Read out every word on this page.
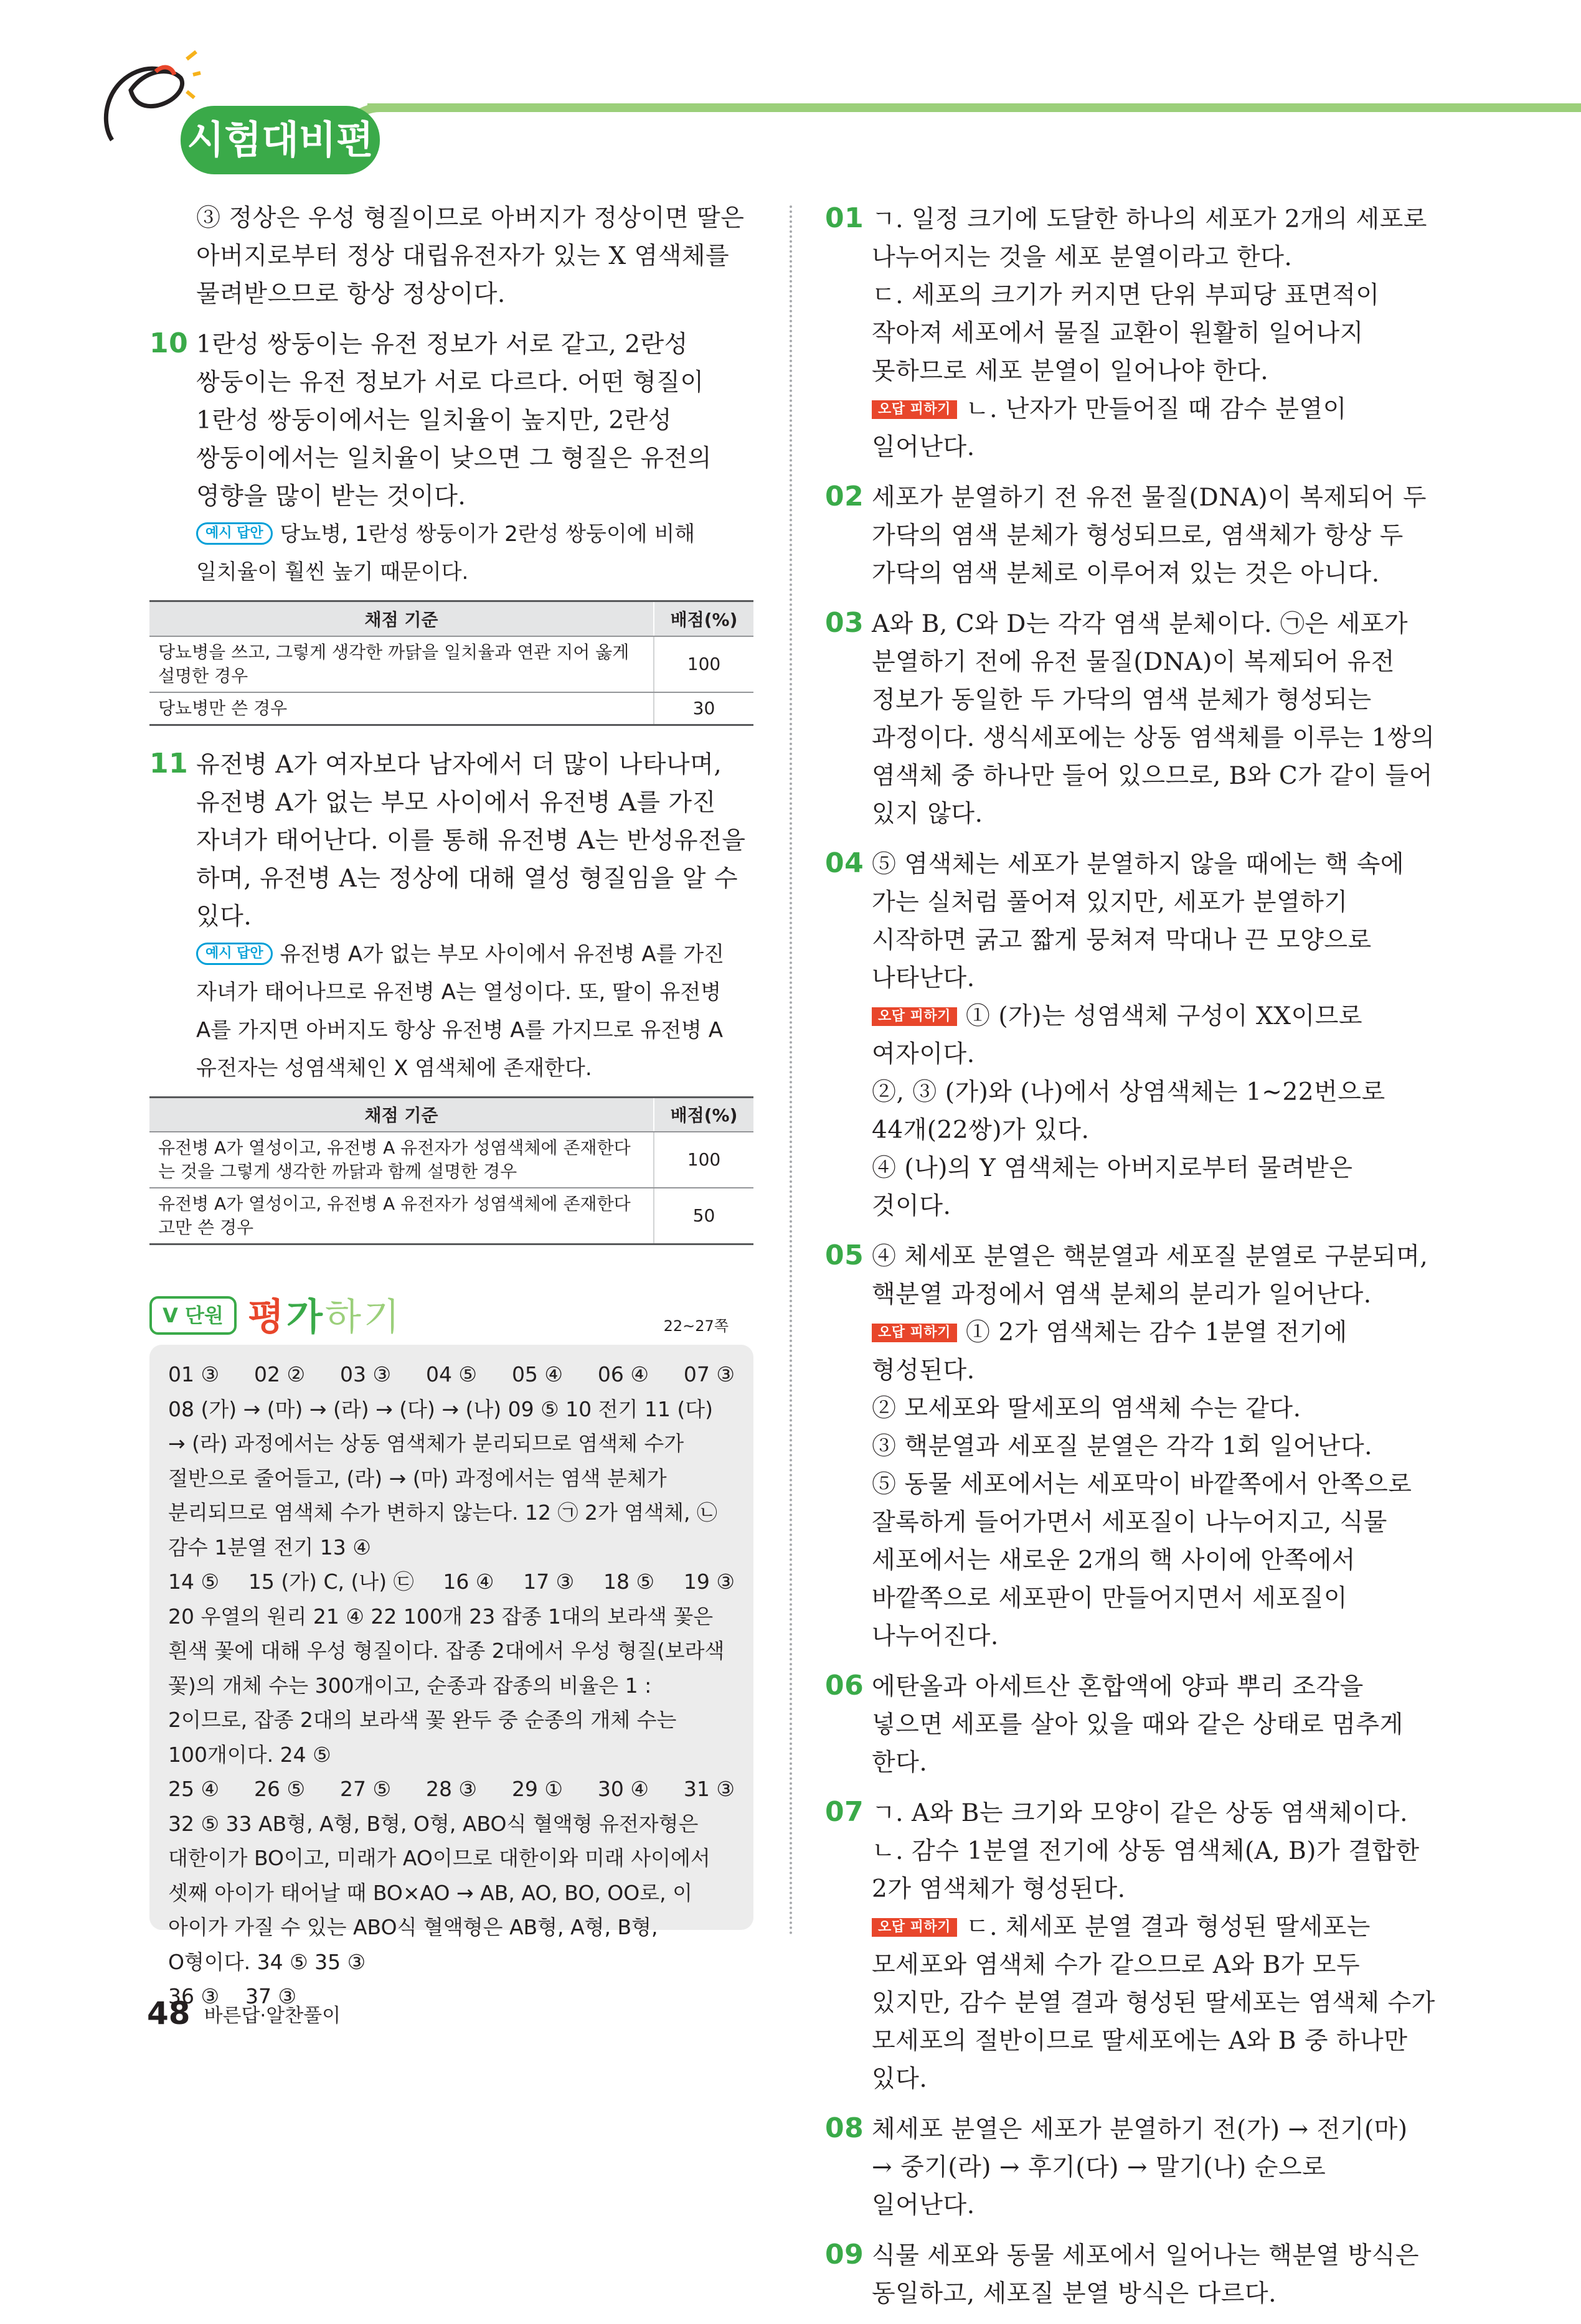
시험대비편
③ 정상은 우성 형질이므로 아버지가 정상이면 딸은 아버지로부터 정상 대립유전자가 있는 X 염색체를 물려받으므로 항상 정상이다.
10 1란성 쌍둥이는 유전 정보가 서로 같고, 2란성 쌍둥이는 유전 정보가 서로 다르다. 어떤 형질이 1란성 쌍둥이에서는 일치율이 높지만, 2란성 쌍둥이에서는 일치율이 낮으면 그 형질은 유전의 영향을 많이 받는 것이다.
예시 답안 당뇨병, 1란성 쌍둥이가 2란성 쌍둥이에 비해 일치율이 훨씬 높기 때문이다.
채점 기준	배점(%)
당뇨병을 쓰고, 그렇게 생각한 까닭을 일치율과 연관 지어 옳게 설명한 경우	100
당뇨병만 쓴 경우	30
11 유전병 A가 여자보다 남자에서 더 많이 나타나며, 유전병 A가 없는 부모 사이에서 유전병 A를 가진 자녀가 태어난다. 이를 통해 유전병 A는 반성유전을 하며, 유전병 A는 정상에 대해 열성 형질임을 알 수 있다.
예시 답안 유전병 A가 없는 부모 사이에서 유전병 A를 가진 자녀가 태어나므로 유전병 A는 열성이다. 또, 딸이 유전병 A를 가지면 아버지도 항상 유전병 A를 가지므로 유전병 A 유전자는 성염색체인 X 염색체에 존재한다.
채점 기준	배점(%)
유전병 A가 열성이고, 유전병 A 유전자가 성염색체에 존재한다는 것을 그렇게 생각한 까닭과 함께 설명한 경우	100
유전병 A가 열성이고, 유전병 A 유전자가 성염색체에 존재한다고만 쓴 경우	50
V 단원 평가하기	22~27쪽
01 ③ 02 ② 03 ③ 04 ⑤ 05 ④ 06 ④ 07 ③
08 (가) → (마) → (라) → (다) → (나) 09 ⑤ 10 전기 11 (다) → (라) 과정에서는 상동 염색체가 분리되므로 염색체 수가 절반으로 줄어들고, (라) → (마) 과정에서는 염색 분체가 분리되므로 염색체 수가 변하지 않는다. 12 ㉠ 2가 염색체, ㉡ 감수 1분열 전기 13 ④
14 ⑤ 15 (가) C, (나) ㉢ 16 ④ 17 ③ 18 ⑤ 19 ③
20 우열의 원리 21 ④ 22 100개 23 잡종 1대의 보라색 꽃은 흰색 꽃에 대해 우성 형질이다. 잡종 2대에서 우성 형질(보라색 꽃)의 개체 수는 300개이고, 순종과 잡종의 비율은 1 : 2이므로, 잡종 2대의 보라색 꽃 완두 중 순종의 개체 수는 100개이다. 24 ⑤
25 ④ 26 ⑤ 27 ⑤ 28 ③ 29 ① 30 ④ 31 ③
32 ⑤ 33 AB형, A형, B형, O형, ABO식 혈액형 유전자형은 대한이가 BO이고, 미래가 AO이므로 대한이와 미래 사이에서 셋째 아이가 태어날 때 BO×AO → AB, AO, BO, OO로, 이 아이가 가질 수 있는 ABO식 혈액형은 AB형, A형, B형, O형이다. 34 ⑤ 35 ③
36 ③ 37 ③
01 ㄱ. 일정 크기에 도달한 하나의 세포가 2개의 세포로 나누어지는 것을 세포 분열이라고 한다.
ㄷ. 세포의 크기가 커지면 단위 부피당 표면적이 작아져 세포에서 물질 교환이 원활히 일어나지 못하므로 세포 분열이 일어나야 한다.
오답 피하기 ㄴ. 난자가 만들어질 때 감수 분열이 일어난다.
02 세포가 분열하기 전 유전 물질(DNA)이 복제되어 두 가닥의 염색 분체가 형성되므로, 염색체가 항상 두 가닥의 염색 분체로 이루어져 있는 것은 아니다.
03 A와 B, C와 D는 각각 염색 분체이다. ㉠은 세포가 분열하기 전에 유전 물질(DNA)이 복제되어 유전 정보가 동일한 두 가닥의 염색 분체가 형성되는 과정이다. 생식세포에는 상동 염색체를 이루는 1쌍의 염색체 중 하나만 들어 있으므로, B와 C가 같이 들어 있지 않다.
04 ⑤ 염색체는 세포가 분열하지 않을 때에는 핵 속에 가는 실처럼 풀어져 있지만, 세포가 분열하기 시작하면 굵고 짧게 뭉쳐져 막대나 끈 모양으로 나타난다.
오답 피하기 ① (가)는 성염색체 구성이 XX이므로 여자이다.
②, ③ (가)와 (나)에서 상염색체는 1~22번으로 44개(22쌍)가 있다.
④ (나)의 Y 염색체는 아버지로부터 물려받은 것이다.
05 ④ 체세포 분열은 핵분열과 세포질 분열로 구분되며, 핵분열 과정에서 염색 분체의 분리가 일어난다.
오답 피하기 ① 2가 염색체는 감수 1분열 전기에 형성된다.
② 모세포와 딸세포의 염색체 수는 같다.
③ 핵분열과 세포질 분열은 각각 1회 일어난다.
⑤ 동물 세포에서는 세포막이 바깥쪽에서 안쪽으로 잘록하게 들어가면서 세포질이 나누어지고, 식물 세포에서는 새로운 2개의 핵 사이에 안쪽에서 바깥쪽으로 세포판이 만들어지면서 세포질이 나누어진다.
06 에탄올과 아세트산 혼합액에 양파 뿌리 조각을 넣으면 세포를 살아 있을 때와 같은 상태로 멈추게 한다.
07 ㄱ. A와 B는 크기와 모양이 같은 상동 염색체이다.
ㄴ. 감수 1분열 전기에 상동 염색체(A, B)가 결합한 2가 염색체가 형성된다.
오답 피하기 ㄷ. 체세포 분열 결과 형성된 딸세포는 모세포와 염색체 수가 같으므로 A와 B가 모두 있지만, 감수 분열 결과 형성된 딸세포는 염색체 수가 모세포의 절반이므로 딸세포에는 A와 B 중 하나만 있다.
08 체세포 분열은 세포가 분열하기 전(가) → 전기(마) → 중기(라) → 후기(다) → 말기(나) 순으로 일어난다.
09 식물 세포와 동물 세포에서 일어나는 핵분열 방식은 동일하고, 세포질 분열 방식은 다르다.
48 바른답·알찬풀이
